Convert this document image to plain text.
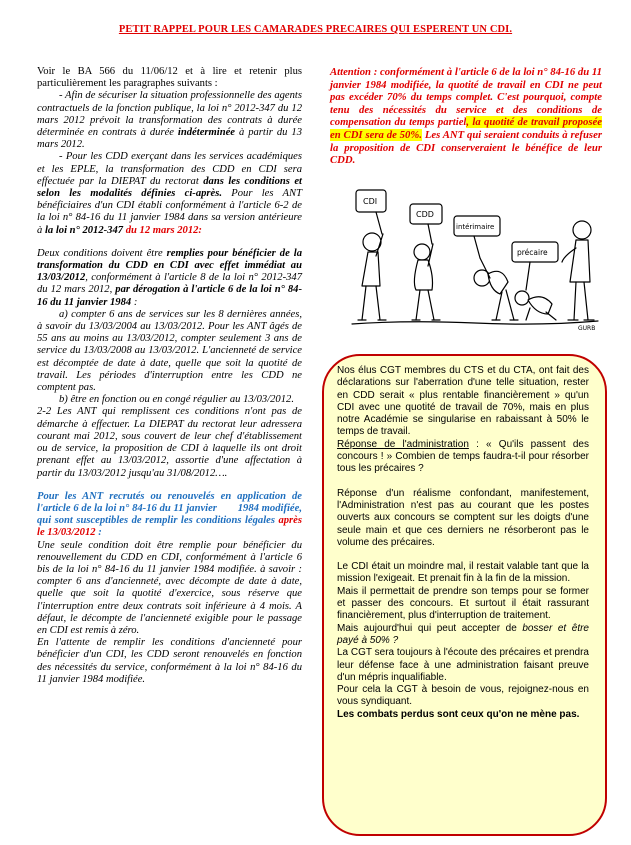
PETIT RAPPEL POUR LES CAMARADES PRECAIRES QUI ESPERENT UN CDI.

Voir le BA 566 du 11/06/12 et à lire et retenir plus particulièrement les paragraphes suivants :

- Afin de sécuriser la situation professionnelle des agents contractuels de la fonction publique, la loi n° 2012-347 du 12 mars 2012 prévoit la transformation des contrats à durée déterminée en contrats à durée indéterminée à partir du 13 mars 2012.

- Pour les CDD exerçant dans les services académiques et les EPLE, la transformation des CDD en CDI sera effectuée par la DIEPAT du rectorat dans les conditions et selon les modalités définies ci-après. Pour les ANT bénéficiaires d'un CDI établi conformément à l'article 6-2 de la loi n° 84-16 du 11 janvier 1984 dans sa version antérieure à la loi n° 2012-347 du 12 mars 2012:

Deux conditions doivent être remplies pour bénéficier de la transformation du CDD en CDI avec effet immédiat au 13/03/2012, conformément à l'article 8 de la loi n° 2012-347 du 12 mars 2012, par dérogation à l'article 6 de la loi n° 84-16 du 11 janvier 1984 :

a) compter 6 ans de services sur les 8 dernières années, à savoir du 13/03/2004 au 13/03/2012. Pour les ANT âgés de 55 ans au moins au 13/03/2012, compter seulement 3 ans de service du 13/03/2008 au 13/03/2012. L'ancienneté de service est décomptée de date à date, quelle que soit la quotité de travail. Les périodes d'interruption entre les CDD ne comptent pas.

b) être en fonction ou en congé régulier au 13/03/2012.

2-2 Les ANT qui remplissent ces conditions n'ont pas de démarche à effectuer. La DIEPAT du rectorat leur adressera courant mai 2012, sous couvert de leur chef d'établissement ou de service, la proposition de CDI à laquelle ils ont droit prenant effet au 13/03/2012, assortie d'une affectation à partir du 13/03/2012 jusqu'au 31/08/2012….

Pour les ANT recrutés ou renouvelés en application de l'article 6 de la loi n° 84-16 du 11 janvier 1984 modifiée, qui sont susceptibles de remplir les conditions légales après le 13/03/2012 :

Une seule condition doit être remplie pour bénéficier du renouvellement du CDD en CDI, conformément à l'article 6 bis de la loi n° 84-16 du 11 janvier 1984 modifiée. à savoir : compter 6 ans d'ancienneté, avec décompte de date à date, quelle que soit la quotité d'exercice, sous réserve que l'interruption entre deux contrats soit inférieure à 4 mois. A défaut, le décompte de l'ancienneté exigible pour le passage en CDI est remis à zéro.

En l'attente de remplir les conditions d'ancienneté pour bénéficier d'un CDI, les CDD seront renouvelés en fonction des nécessités du service, conformément à la loi n° 84-16 du 11 janvier 1984 modifiée.

Attention : conformément à l'article 6 de la loi n° 84-16 du 11 janvier 1984 modifiée, la quotité de travail en CDI ne peut pas excéder 70% du temps complet. C'est pourquoi, compte tenu des nécessités du service et des conditions de compensation du temps partiel, la quotité de travail proposée en CDI sera de 50%. Les ANT qui seraient conduits à refuser la proposition de CDI conserveraient le bénéfice de leur CDD.

CDI
CDD
intérimaire
précaire
GURB

Nos élus CGT membres du CTS et du CTA, ont fait des déclarations sur l'aberration d'une telle situation, rester en CDD serait « plus rentable financièrement » qu'un CDI avec une quotité de travail de 70%, mais en plus notre Académie se singularise en rabaissant à 50% le temps de travail.

Réponse de l'administration : « Qu'ils passent des concours ! » Combien de temps faudra-t-il pour résorber tous les précaires ?

Réponse d'un réalisme confondant, manifestement, l'Administration n'est pas au courant que les postes ouverts aux concours se comptent sur les doigts d'une seule main et que ces derniers ne résorberont pas le volume des précaires.

Le CDI était un moindre mal, il restait valable tant que la mission l'exigeait. Et prenait fin à la fin de la mission.

Mais il permettait de prendre son temps pour se former et passer des concours. Et surtout il était rassurant financièrement, plus d'interruption de traitement.

Mais aujourd'hui qui peut accepter de bosser et être payé à 50% ?

La CGT sera toujours à l'écoute des précaires et prendra leur défense face à une administration faisant preuve d'un mépris inqualifiable.

Pour cela la CGT à besoin de vous, rejoignez-nous en vous syndiquant.

Les combats perdus sont ceux qu'on ne mène pas.
